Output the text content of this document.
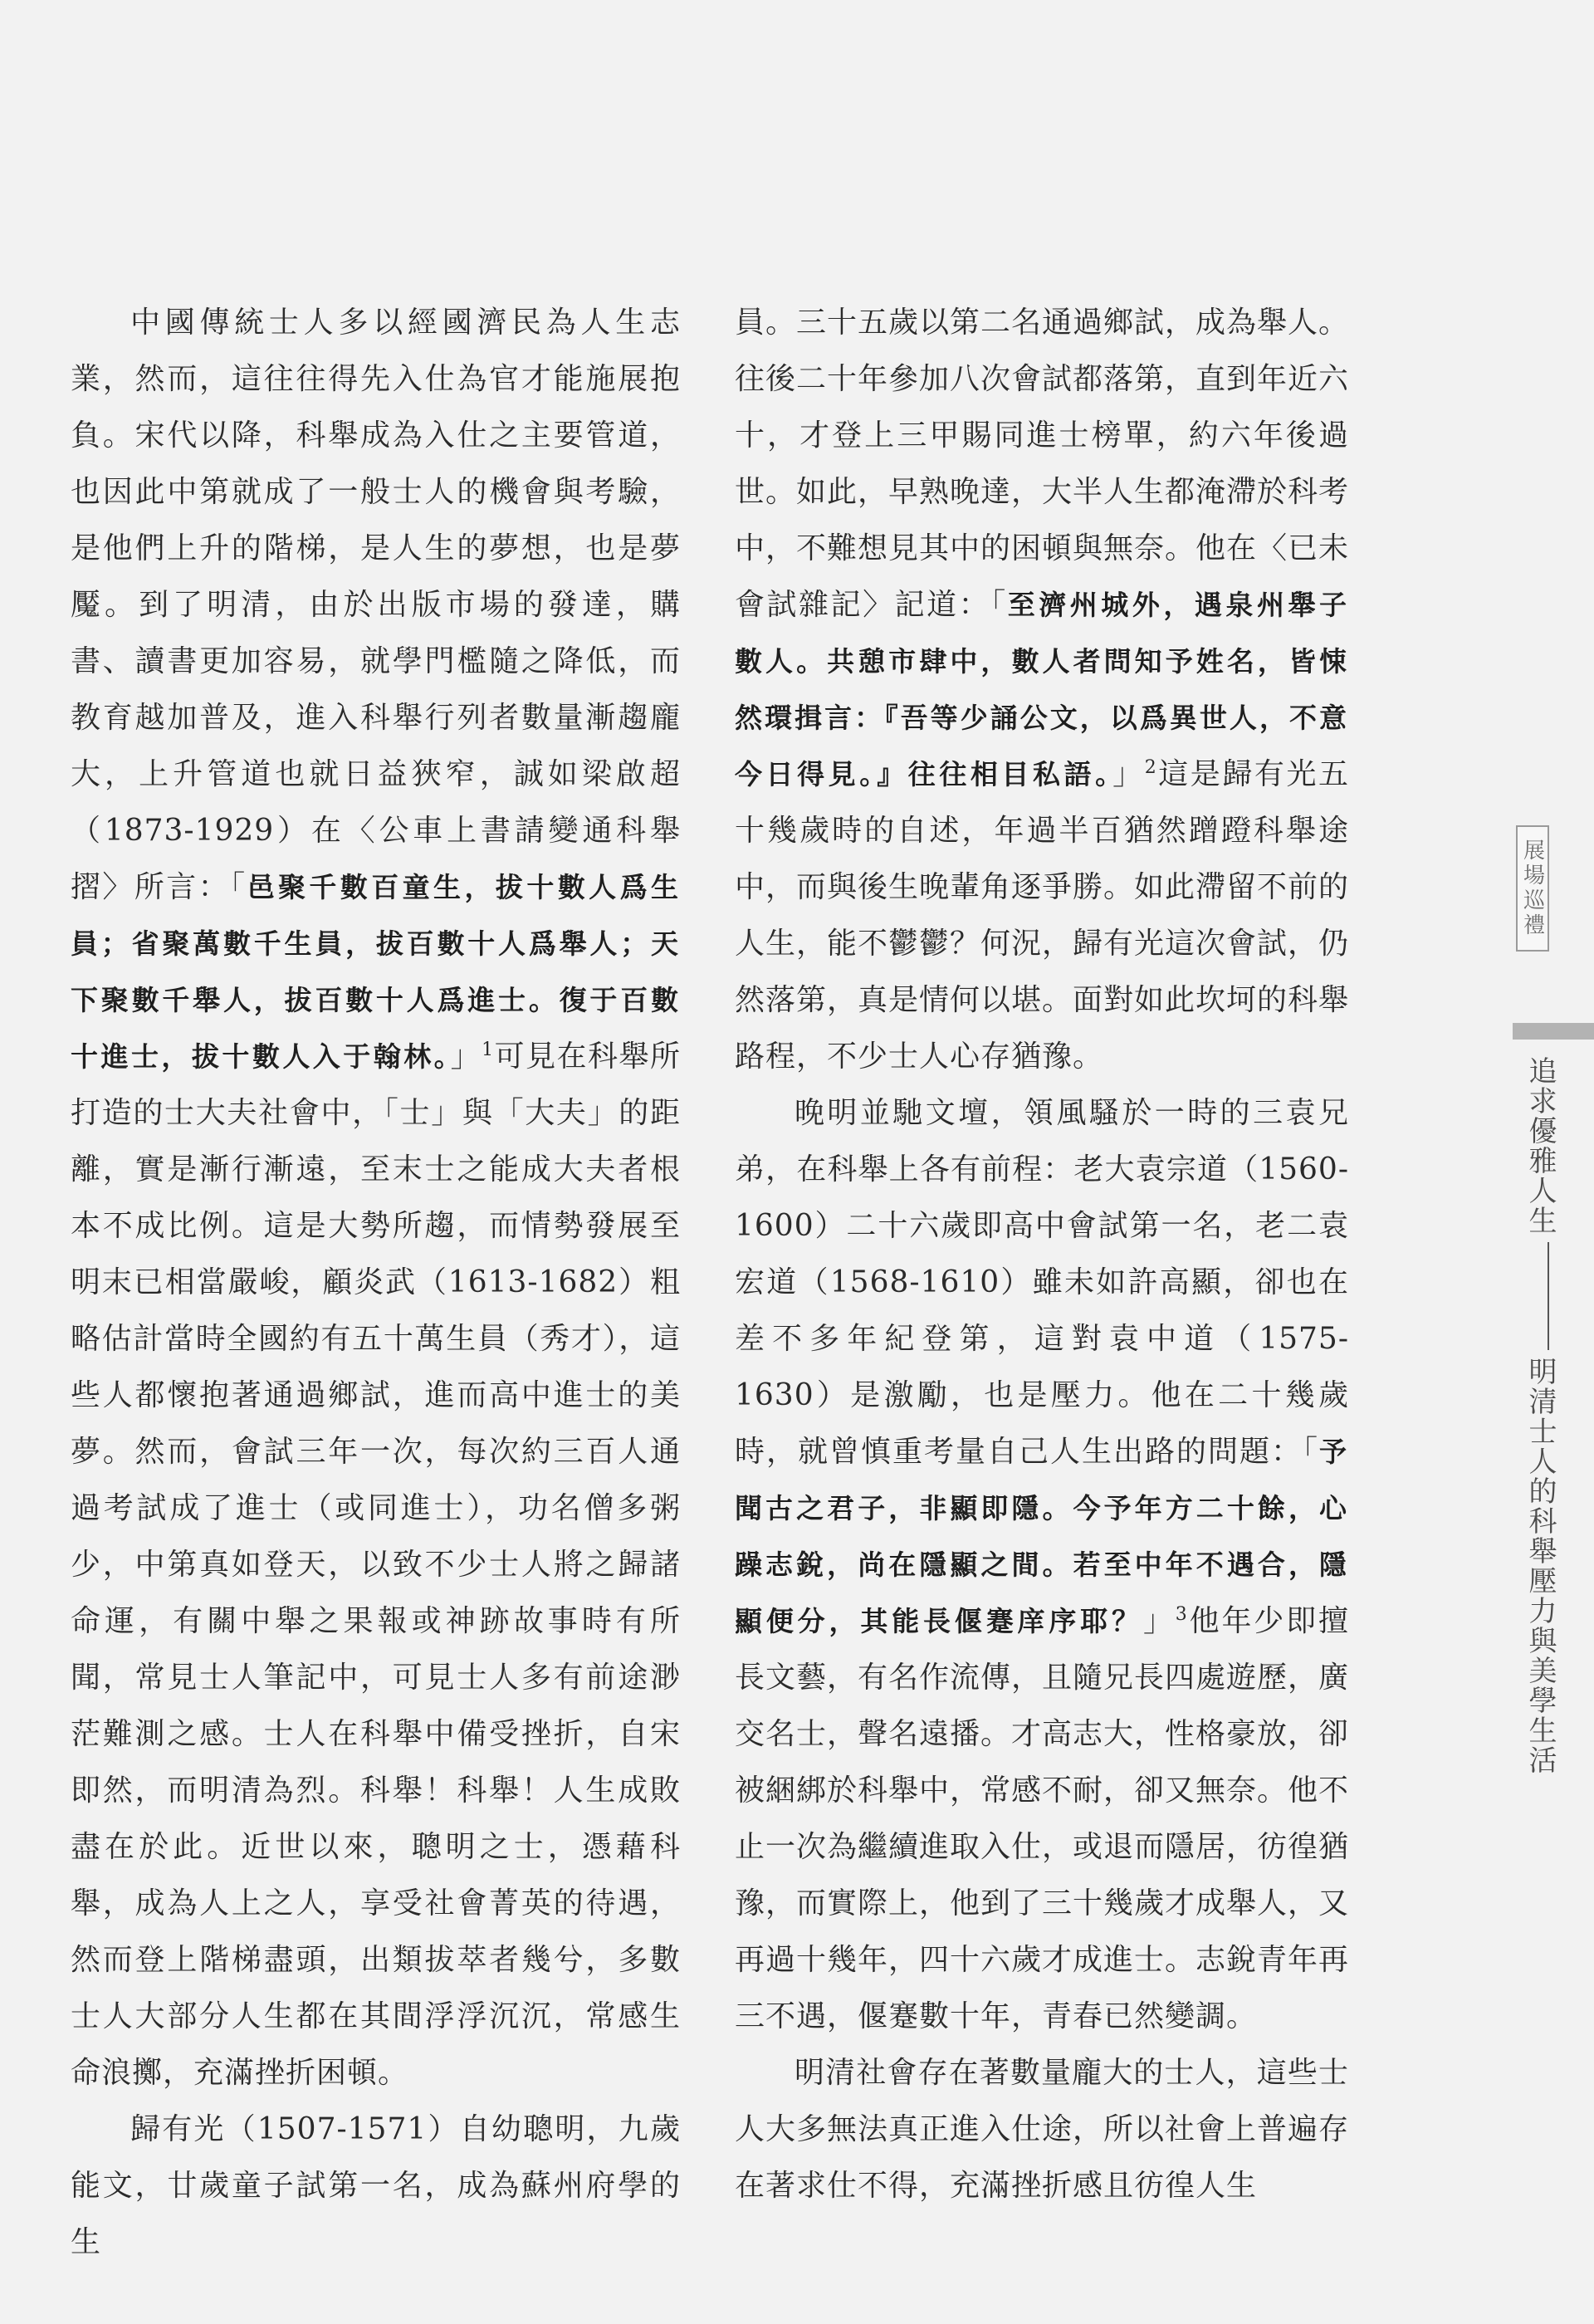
中國傳統士人多以經國濟民為人生志業，然而，這往往得先入仕為官才能施展抱負。宋代以降，科舉成為入仕之主要管道，也因此中第就成了一般士人的機會與考驗，是他們上升的階梯，是人生的夢想，也是夢魘。到了明清，由於出版市場的發達，購書、讀書更加容易，就學門檻隨之降低，而教育越加普及，進入科舉行列者數量漸趨龐大，上升管道也就日益狹窄，誠如梁啟超（1873-1929）在〈公車上書請變通科舉摺〉所言：「邑聚千數百童生，拔十數人爲生員；省聚萬數千生員，拔百數十人爲舉人；天下聚數千舉人，拔百數十人爲進士。復于百數十進士，拔十數人入于翰林。」$^1$可見在科舉所打造的士大夫社會中，「士」與「大夫」的距離，實是漸行漸遠，至末士之能成大夫者根本不成比例。這是大勢所趨，而情勢發展至明末已相當嚴峻，顧炎武（1613-1682）粗略估計當時全國約有五十萬生員（秀才），這些人都懷抱著通過鄉試，進而高中進士的美夢。然而，會試三年一次，每次約三百人通過考試成了進士（或同進士），功名僧多粥少，中第真如登天，以致不少士人將之歸諸命運，有關中舉之果報或神跡故事時有所聞，常見士人筆記中，可見士人多有前途渺茫難測之感。士人在科舉中備受挫折，自宋即然，而明清為烈。科舉！科舉！人生成敗盡在於此。近世以來，聰明之士，憑藉科舉，成為人上之人，享受社會菁英的待遇，然而登上階梯盡頭，出類拔萃者幾兮，多數士人大部分人生都在其間浮浮沉沉，常感生命浪擲，充滿挫折困頓。

歸有光（1507-1571）自幼聰明，九歲能文，廿歲童子試第一名，成為蘇州府學的生

員。三十五歲以第二名通過鄉試，成為舉人。往後二十年參加八次會試都落第，直到年近六十，才登上三甲賜同進士榜單，約六年後過世。如此，早熟晚達，大半人生都淹滯於科考中，不難想見其中的困頓與無奈。他在〈已未會試雜記〉記道：「至濟州城外，遇泉州舉子數人。共憩市肆中，數人者問知予姓名，皆悚然環揖言：『吾等少誦公文，以爲異世人，不意今日得見。』往往相目私語。」$^2$這是歸有光五十幾歲時的自述，年過半百猶然蹭蹬科舉途中，而與後生晚輩角逐爭勝。如此滯留不前的人生，能不鬱鬱？何況，歸有光這次會試，仍然落第，真是情何以堪。面對如此坎坷的科舉路程，不少士人心存猶豫。

晚明並馳文壇，領風騷於一時的三袁兄弟，在科舉上各有前程：老大袁宗道（1560-1600）二十六歲即高中會試第一名，老二袁宏道（1568-1610）雖未如許高顯，卻也在差不多年紀登第，這對袁中道（1575-1630）是激勵，也是壓力。他在二十幾歲時，就曾慎重考量自己人生出路的問題：「予聞古之君子，非顯即隱。今予年方二十餘，心躁志銳，尚在隱顯之間。若至中年不遇合，隱顯便分，其能長偃蹇庠序耶？」$^3$他年少即擅長文藝，有名作流傳，且隨兄長四處遊歷，廣交名士，聲名遠播。才高志大，性格豪放，卻被綑綁於科舉中，常感不耐，卻又無奈。他不止一次為繼續進取入仕，或退而隱居，彷徨猶豫，而實際上，他到了三十幾歲才成舉人，又再過十幾年，四十六歲才成進士。志銳青年再三不遇，偃蹇數十年，青春已然變調。

明清社會存在著數量龐大的士人，這些士人大多無法真正進入仕途，所以社會上普遍存在著求仕不得，充滿挫折感且彷徨人生

展場巡禮
追求優雅人生明清士人的科舉壓力與美學生活
